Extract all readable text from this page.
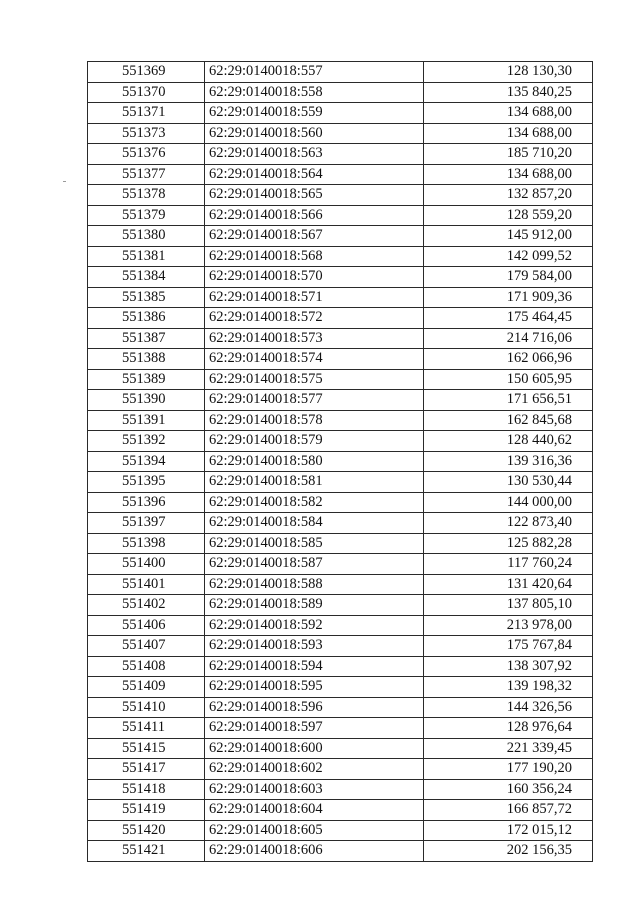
551369	62:29:0140018:557	128 130,30
551370	62:29:0140018:558	135 840,25
551371	62:29:0140018:559	134 688,00
551373	62:29:0140018:560	134 688,00
551376	62:29:0140018:563	185 710,20
551377	62:29:0140018:564	134 688,00
551378	62:29:0140018:565	132 857,20
551379	62:29:0140018:566	128 559,20
551380	62:29:0140018:567	145 912,00
551381	62:29:0140018:568	142 099,52
551384	62:29:0140018:570	179 584,00
551385	62:29:0140018:571	171 909,36
551386	62:29:0140018:572	175 464,45
551387	62:29:0140018:573	214 716,06
551388	62:29:0140018:574	162 066,96
551389	62:29:0140018:575	150 605,95
551390	62:29:0140018:577	171 656,51
551391	62:29:0140018:578	162 845,68
551392	62:29:0140018:579	128 440,62
551394	62:29:0140018:580	139 316,36
551395	62:29:0140018:581	130 530,44
551396	62:29:0140018:582	144 000,00
551397	62:29:0140018:584	122 873,40
551398	62:29:0140018:585	125 882,28
551400	62:29:0140018:587	117 760,24
551401	62:29:0140018:588	131 420,64
551402	62:29:0140018:589	137 805,10
551406	62:29:0140018:592	213 978,00
551407	62:29:0140018:593	175 767,84
551408	62:29:0140018:594	138 307,92
551409	62:29:0140018:595	139 198,32
551410	62:29:0140018:596	144 326,56
551411	62:29:0140018:597	128 976,64
551415	62:29:0140018:600	221 339,45
551417	62:29:0140018:602	177 190,20
551418	62:29:0140018:603	160 356,24
551419	62:29:0140018:604	166 857,72
551420	62:29:0140018:605	172 015,12
551421	62:29:0140018:606	202 156,35
